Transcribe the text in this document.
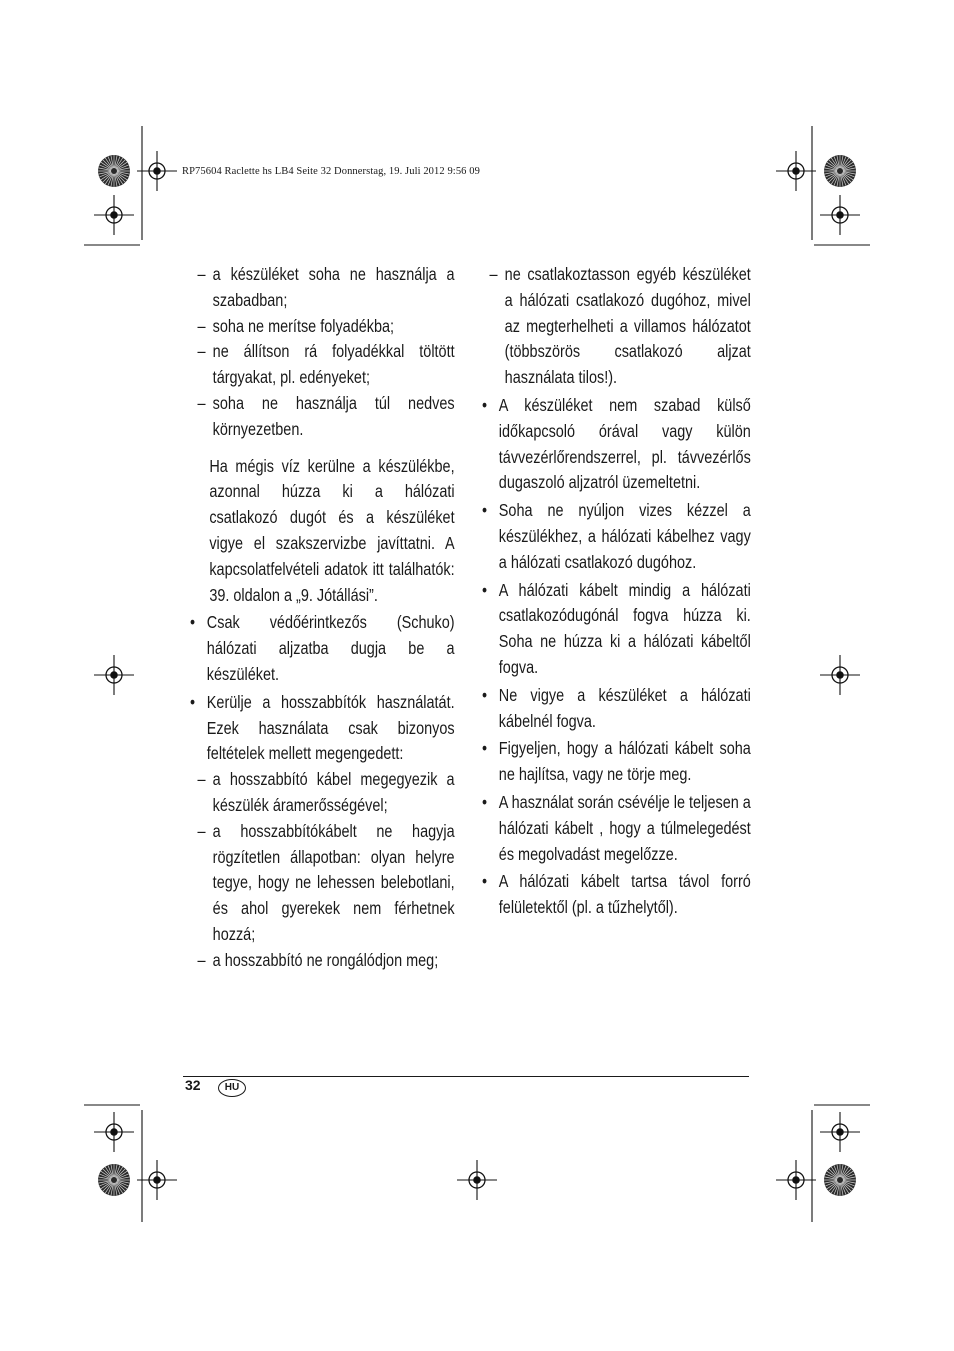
RP75604 Raclette hs LB4 Seite 32 Donnerstag, 19. Juli 2012 9:56 09
– a készüléket soha ne használja a szabadban;
– soha ne merítse folyadékba;
– ne állítson rá folyadékkal töltött tárgyakat, pl. edényeket;
– soha ne használja túl nedves környezetben.
Ha mégis víz kerülne a készülékbe, azonnal húzza ki a hálózati csatlakozó dugót és a készüléket vigye el szakszervizbe javíttatni. A kapcsolatfelvételi adatok itt találhatók: 39. oldalon a „9. Jótállási”.
• Csak védőérintkezős (Schuko) hálózati aljzatba dugja be a készüléket.
• Kerülje a hosszabbítók használatát. Ezek használata csak bizonyos feltételek mellett megengedett:
– a hosszabbító kábel megegyezik a készülék áramerősségével;
– a hosszabbítókábelt ne hagyja rögzítetlen állapotban: olyan helyre tegye, hogy ne lehessen belebotlani, és ahol gyerekek nem férhetnek hozzá;
– a hosszabbító ne rongálódjon meg;
– ne csatlakoztasson egyéb készüléket a hálózati csatlakozó dugóhoz, mivel az megterhelheti a villamos hálózatot (többszörös csatlakozó aljzat használata tilos!).
• A készüléket nem szabad külső időkapcsoló órával vagy külön távvezérlőrendszerrel, pl. távvezérlős dugaszoló aljzatról üzemeltetni.
• Soha ne nyúljon vizes kézzel a készülékhez, a hálózati kábelhez vagy a hálózati csatlakozó dugóhoz.
• A hálózati kábelt mindig a hálózati csatlakozódugónál fogva húzza ki. Soha ne húzza ki a hálózati kábeltől fogva.
• Ne vigye a készüléket a hálózati kábelnél fogva.
• Figyeljen, hogy a hálózati kábelt soha ne hajlítsa, vagy ne törje meg.
• A használat során csévélje le teljesen a hálózati kábelt , hogy a túlmelegedést és megolvadást megelőzze.
• A hálózati kábelt tartsa távol forró felületektől (pl. a tűzhelytől).
32	HU
